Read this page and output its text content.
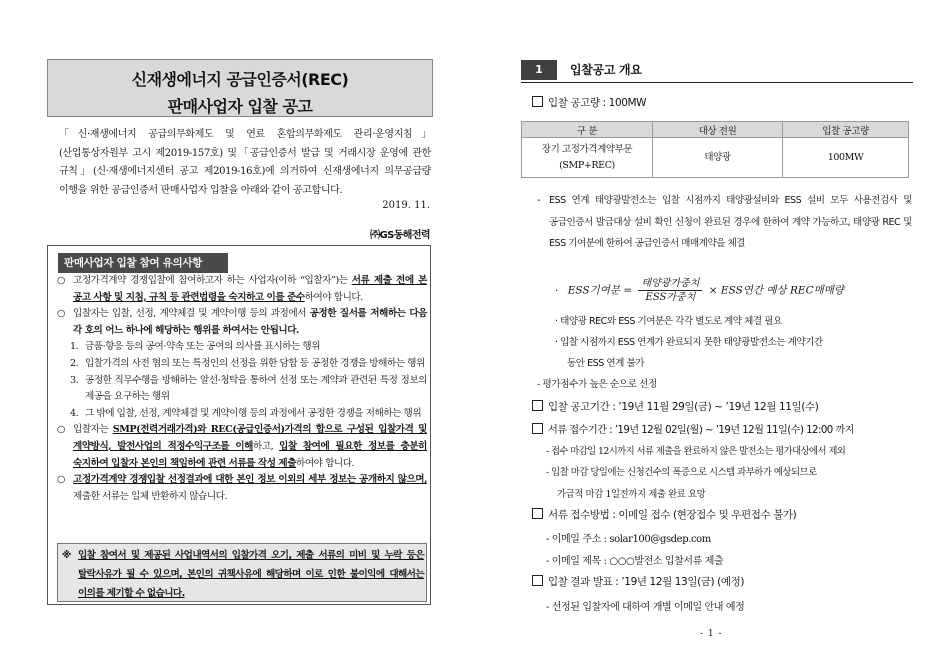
신재생에너지 공급인증서(REC)
판매사업자 입찰 공고

「신·재생에너지 공급의무화제도 및 연료 혼합의무화제도 관리·운영지침」(산업통상자원부 고시 제2019-157호) 및「공급인증서 발급 및 거래시장 운영에 관한 규칙」(신·재생에너지센터 공고 제2019-16호)에 의거하여 신재생에너지 의무공급량 이행을 위한 공급인증서 판매사업자 입찰을 아래와 같이 공고합니다.

2019. 11.
㈜GS동해전력
판매사업자 입찰 참여 유의사항
○ 고정가격계약 경쟁입찰에 참여하고자 하는 사업자(이하 “입찰자”)는 서류 제출 전에 본 공고 사항 및 지침, 규칙 등 관련법령을 숙지하고 이를 준수하여야 합니다.
○ 입찰자는 입찰, 선정, 계약체결 및 계약이행 등의 과정에서 공정한 질서를 저해하는 다음 각 호의 어느 하나에 해당하는 행위를 하여서는 안됩니다.
1. 금품·향응 등의 공여·약속 또는 공여의 의사를 표시하는 행위
2. 입찰가격의 사전 협의 또는 특정인의 선정을 위한 담합 등 공정한 경쟁을 방해하는 행위
3. 공정한 직무수행을 방해하는 알선·청탁을 통하여 선정 또는 계약과 관련된 특정 정보의 제공을 요구하는 행위
4. 그 밖에 입찰, 선정, 계약체결 및 계약이행 등의 과정에서 공정한 경쟁을 저해하는 행위
○ 입찰자는 SMP(전력거래가격)와 REC(공급인증서)가격의 합으로 구성된 입찰가격 및 계약방식, 발전사업의 적정수익구조를 이해하고, 입찰 참여에 필요한 정보를 충분히 숙지하여 입찰자 본인의 책임하에 관련 서류를 작성 제출하여야 합니다.
○ 고정가격계약 경쟁입찰 선정결과에 대한 본인 정보 이외의 세부 정보는 공개하지 않으며, 제출한 서류는 일체 반환하지 않습니다.
※ 입찰 참여서 및 제공된 사업내역서의 입찰가격 오기, 제출 서류의 미비 및 누락 등은 탈락사유가 될 수 있으며, 본인의 귀책사유에 해당하며 이로 인한 불이익에 대해서는 이의를 제기할 수 없습니다.
1	입찰공고 개요
입찰 공고량 : 100MW
구 분	대상 전원	입찰 공고량

장기 고정가격계약부문
(SMP+REC)	태양광	100MW
- ESS 연계 태양광발전소는 입찰 시점까지 태양광설비와 ESS 설비 모두 사용전검사 및 공급인증서 발급대상 설비 확인 신청이 완료된 경우에 한하여 계약 가능하고, 태양광 REC 및 ESS 기여분에 한하여 공급인증서 매매계약을 체결
· ESS기여분 = $\frac{\text{태양광가중치}}{\text{ESS가중치}}$ × ESS연간 예상 REC매매량
· 태양광 REC와 ESS 기여분은 각각 별도로 계약 체결 필요
· 입찰 시점까지 ESS 연계가 완료되지 못한 태양광발전소는 계약기간
동안 ESS 연계 불가
- 평가점수가 높은 순으로 선정
입찰 공고기간 : ’19년 11월 29일(금) ~ ’19년 12월 11일(수)
서류 접수기간 : ’19년 12월 02일(월) ~ ’19년 12월 11일(수) 12:00 까지
- 접수 마감일 12시까지 서류 제출을 완료하지 않은 발전소는 평가대상에서 제외
- 입찰 마감 당일에는 신청건수의 폭증으로 시스템 과부하가 예상되므로
가급적 마감 1일전까지 제출 완료 요망
서류 접수방법 : 이메일 접수 (현장접수 및 우편접수 불가)
- 이메일 주소 : solar100@gsdep.com
- 이메일 제목 : ○○○발전소 입찰서류 제출
입찰 결과 발표 : ’19년 12월 13일(금) (예정)
- 선정된 입찰자에 대하여 개별 이메일 안내 예정
- 1 -
